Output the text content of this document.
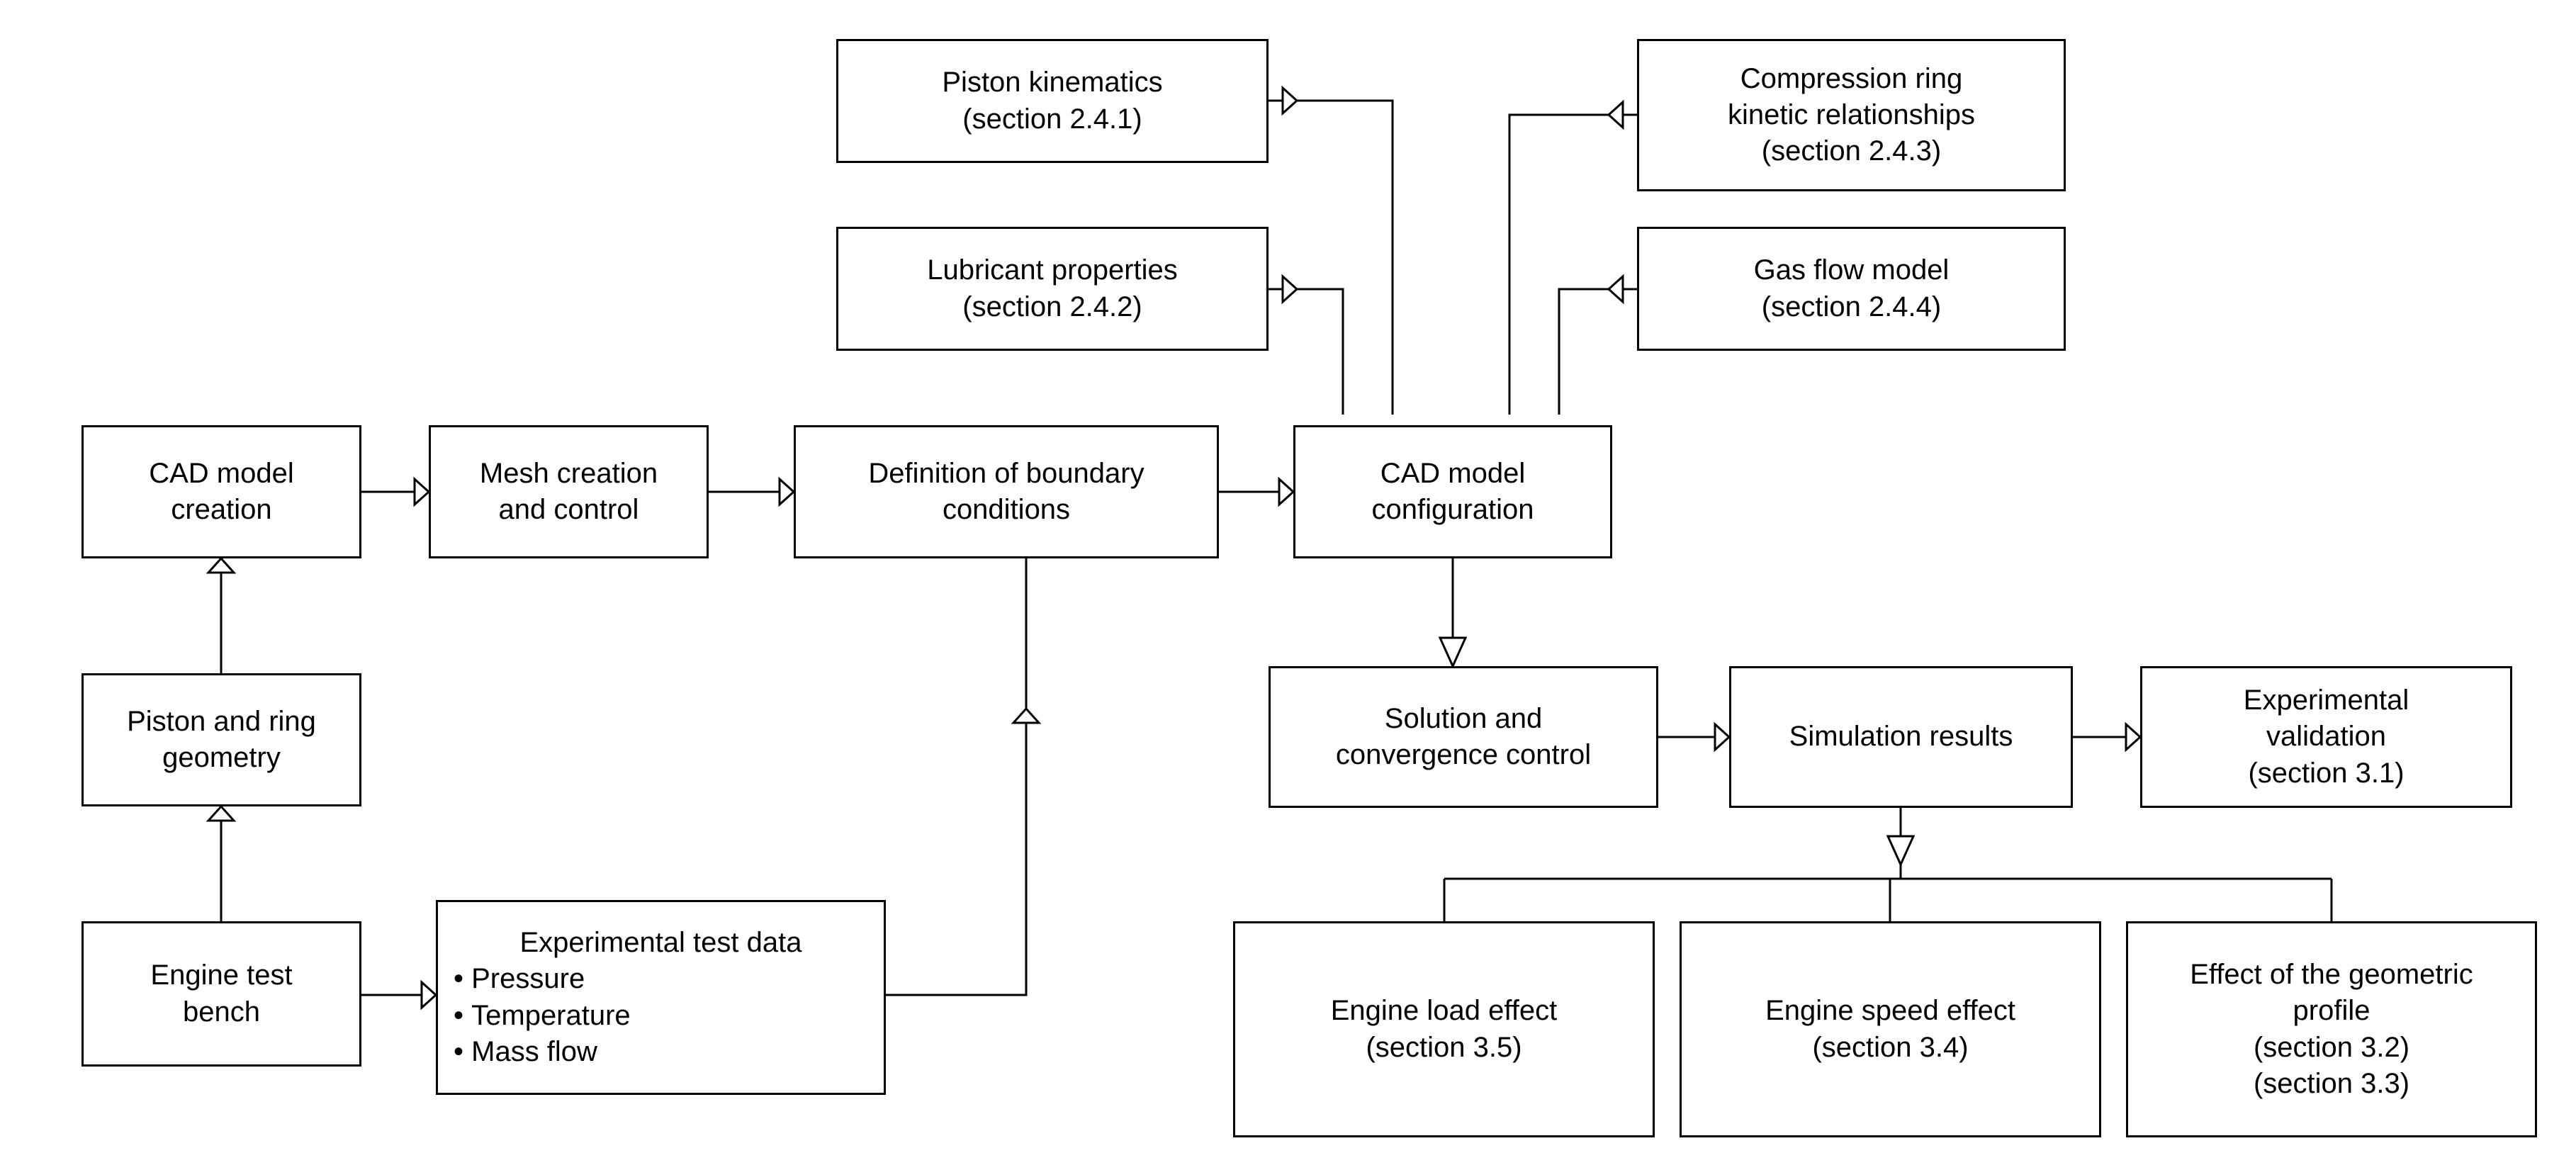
Piston kinematics
(section 2.4.1)
Compression ring
kinetic relationships
(section 2.4.3)
Lubricant properties
(section 2.4.2)
Gas flow model
(section 2.4.4)
CAD model
creation
Mesh creation
and control
Definition of boundary
conditions
CAD model
configuration
Piston and ring
geometry
Solution and
convergence control
Simulation results
Experimental
validation
(section 3.1)
Engine test
bench
Experimental test data
• Pressure
• Temperature
• Mass flow
Engine load effect
(section 3.5)
Engine speed effect
(section 3.4)
Effect of the geometric
profile
(section 3.2)
(section 3.3)
